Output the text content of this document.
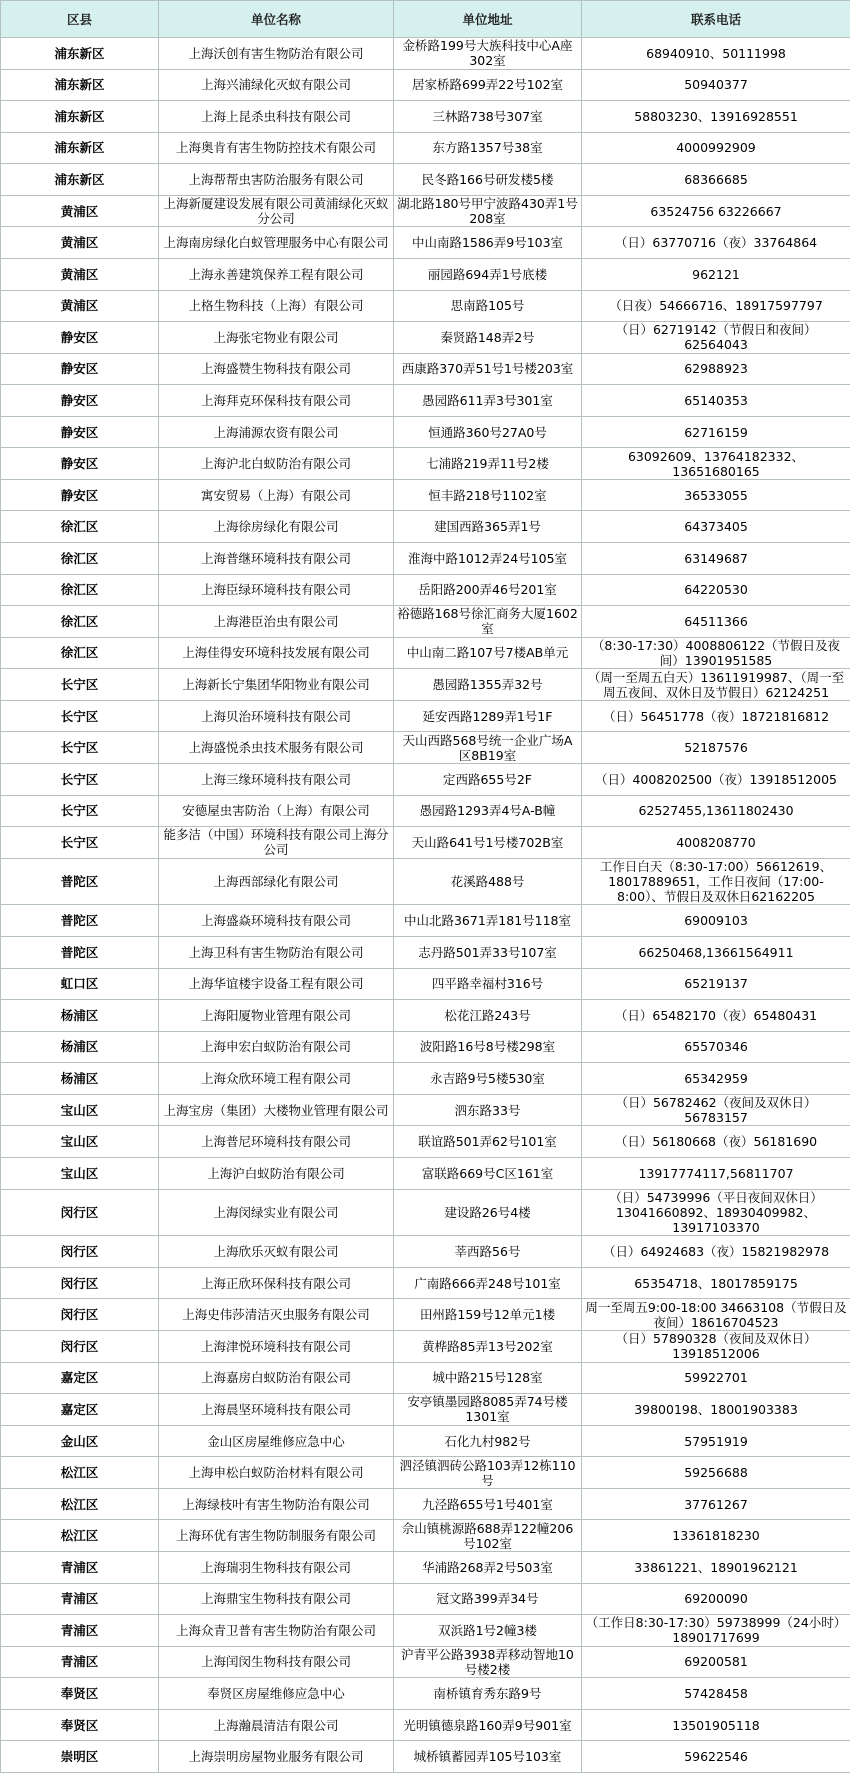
区县	单位名称	单位地址	联系电话
浦东新区	上海沃创有害生物防治有限公司	金桥路199号大族科技中心A座302室	68940910、50111998
浦东新区	上海兴浦绿化灭蚁有限公司	居家桥路699弄22号102室	50940377
浦东新区	上海上昆杀虫科技有限公司	三林路738号307室	58803230、13916928551
浦东新区	上海奥肯有害生物防控技术有限公司	东方路1357号38室	4000992909
浦东新区	上海帮帮虫害防治服务有限公司	民冬路166号研发楼5楼	68366685
黄浦区	上海新厦建设发展有限公司黄浦绿化灭蚁分公司	湖北路180号甲宁波路430弄1号208室	63524756 63226667
黄浦区	上海南房绿化白蚁管理服务中心有限公司	中山南路1586弄9号103室	（日）63770716（夜）33764864
黄浦区	上海永善建筑保养工程有限公司	丽园路694弄1号底楼	962121
黄浦区	上格生物科技（上海）有限公司	思南路105号	（日夜）54666716、18917597797
静安区	上海张宅物业有限公司	秦贤路148弄2号	（日）62719142（节假日和夜间）62564043
静安区	上海盛赞生物科技有限公司	西康路370弄51号1号楼203室	62988923
静安区	上海拜克环保科技有限公司	愚园路611弄3号301室	65140353
静安区	上海浦源农资有限公司	恒通路360号27A0号	62716159
静安区	上海沪北白蚁防治有限公司	七浦路219弄11号2楼	63092609、13764182332、13651680165
静安区	寓安贸易（上海）有限公司	恒丰路218号1102室	36533055
徐汇区	上海徐房绿化有限公司	建国西路365弄1号	64373405
徐汇区	上海普继环境科技有限公司	淮海中路1012弄24号105室	63149687
徐汇区	上海臣绿环境科技有限公司	岳阳路200弄46号201室	64220530
徐汇区	上海港臣治虫有限公司	裕德路168号徐汇商务大厦1602室	64511366
徐汇区	上海佳得安环境科技发展有限公司	中山南二路107号7楼AB单元	（8:30-17:30）4008806122（节假日及夜间）13901951585
长宁区	上海新长宁集团华阳物业有限公司	愚园路1355弄32号	（周一至周五白天）13611919987、（周一至周五夜间、双休日及节假日）62124251
长宁区	上海贝治环境科技有限公司	延安西路1289弄1号1F	（日）56451778（夜）18721816812
长宁区	上海盛悦杀虫技术服务有限公司	天山西路568号统一企业广场A区8B19室	52187576
长宁区	上海三缘环境科技有限公司	定西路655号2F	（日）4008202500（夜）13918512005
长宁区	安德屋虫害防治（上海）有限公司	愚园路1293弄4号A-B幢	62527455,13611802430
长宁区	能多洁（中国）环境科技有限公司上海分公司	天山路641号1号楼702B室	4008208770
普陀区	上海西部绿化有限公司	花溪路488号	工作日白天（8:30-17:00）56612619、18017889651，工作日夜间（17:00-8:00）、节假日及双休日62162205
普陀区	上海盛焱环境科技有限公司	中山北路3671弄181号118室	69009103
普陀区	上海卫科有害生物防治有限公司	志丹路501弄33号107室	66250468,13661564911
虹口区	上海华谊楼宇设备工程有限公司	四平路幸福村316号	65219137
杨浦区	上海阳厦物业管理有限公司	松花江路243号	（日）65482170（夜）65480431
杨浦区	上海申宏白蚁防治有限公司	波阳路16号8号楼298室	65570346
杨浦区	上海众欣环境工程有限公司	永吉路9号5楼530室	65342959
宝山区	上海宝房（集团）大楼物业管理有限公司	泗东路33号	（日）56782462（夜间及双休日）56783157
宝山区	上海普尼环境科技有限公司	联谊路501弄62号101室	（日）56180668（夜）56181690
宝山区	上海沪白蚁防治有限公司	富联路669号C区161室	13917774117,56811707
闵行区	上海闵绿实业有限公司	建设路26号4楼	（日）54739996（平日夜间双休日）13041660892、18930409982、13917103370
闵行区	上海欣乐灭蚁有限公司	莘西路56号	（日）64924683（夜）15821982978
闵行区	上海正欣环保科技有限公司	广南路666弄248号101室	65354718、18017859175
闵行区	上海史伟莎清洁灭虫服务有限公司	田州路159号12单元1楼	周一至周五9:00-18:00 34663108（节假日及夜间）18616704523
闵行区	上海津悦环境科技有限公司	黄桦路85弄13号202室	（日）57890328（夜间及双休日）13918512006
嘉定区	上海嘉房白蚁防治有限公司	城中路215号128室	59922701
嘉定区	上海晨坚环境科技有限公司	安亭镇墨园路8085弄74号楼1301室	39800198、18001903383
金山区	金山区房屋维修应急中心	石化九村982号	57951919
松江区	上海申松白蚁防治材料有限公司	泗泾镇泗砖公路103弄12栋110号	59256688
松江区	上海绿枝叶有害生物防治有限公司	九泾路655号1号401室	37761267
松江区	上海环优有害生物防制服务有限公司	佘山镇桃源路688弄122幢206号102室	13361818230
青浦区	上海瑞羽生物科技有限公司	华浦路268弄2号503室	33861221、18901962121
青浦区	上海鼎宝生物科技有限公司	冠文路399弄34号	69200090
青浦区	上海众青卫普有害生物防治有限公司	双浜路1号2幢3楼	（工作日8:30-17:30）59738999（24小时）18901717699
青浦区	上海闰闵生物科技有限公司	沪青平公路3938弄移动智地10号楼2楼	69200581
奉贤区	奉贤区房屋维修应急中心	南桥镇育秀东路9号	57428458
奉贤区	上海瀚晨清洁有限公司	光明镇德泉路160弄9号901室	13501905118
崇明区	上海崇明房屋物业服务有限公司	城桥镇蓄园弄105号103室	59622546
